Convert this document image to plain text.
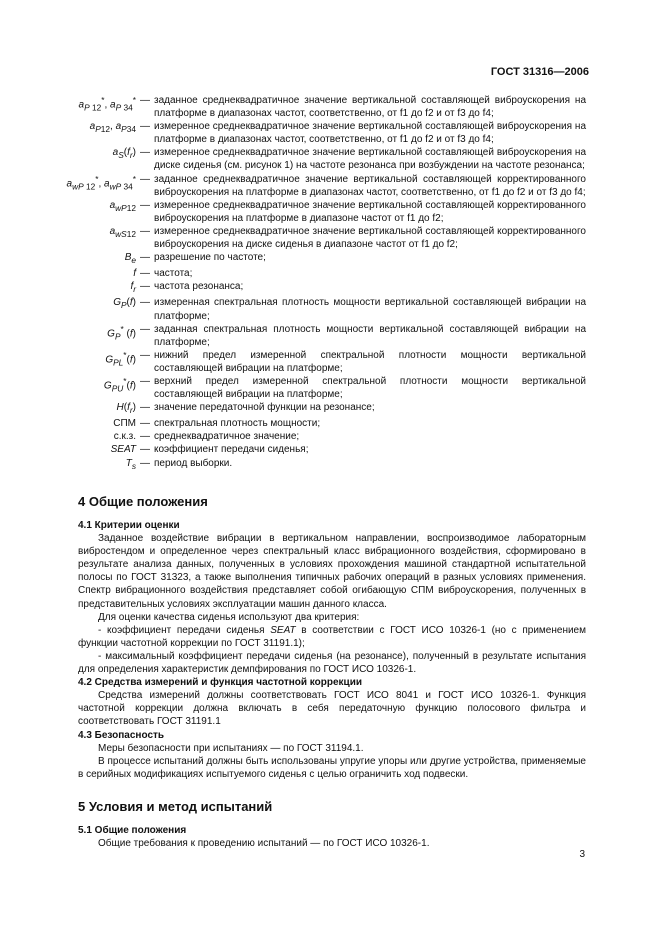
ГОСТ 31316—2006
$a_{P 12}^*$, $a_{P 34}^*$ — заданное среднеквадратичное значение вертикальной составляющей виброускорения на платформе в диапазонах частот, соответственно, от f1 до f2 и от f3 до f4;
$a_{P12}$, $a_{P34}$ — измеренное среднеквадратичное значение вертикальной составляющей виброускорения на платформе в диапазонах частот, соответственно, от f1 до f2 и от f3 до f4;
$a_S(f_r)$ — измеренное среднеквадратичное значение вертикальной составляющей виброускорения на диске сиденья (см. рисунок 1) на частоте резонанса при возбуждении на частоте резонанса;
$a_{wP 12}^*$, $a_{wP 34}^*$ — заданное среднеквадратичное значение вертикальной составляющей корректированного виброускорения на платформе в диапазонах частот, соответственно, от f1 до f2 и от f3 до f4;
$a_{wP12}$ — измеренное среднеквадратичное значение вертикальной составляющей корректированного виброускорения на платформе в диапазоне частот от f1 до f2;
$a_{wS12}$ — измеренное среднеквадратичное значение вертикальной составляющей корректированного виброускорения на диске сиденья в диапазоне частот от f1 до f2;
$B_e$ — разрешение по частоте;
f — частота;
$f_r$ — частота резонанса;
$G_P(f)$ — измеренная спектральная плотность мощности вертикальной составляющей вибрации на платформе;
$G_P^*$ (f) — заданная спектральная плотность мощности вертикальной составляющей вибрации на платформе;
$G_{PL}^*(f)$ — нижний предел измеренной спектральной плотности мощности вертикальной составляющей вибрации на платформе;
$G_{PU}^*(f)$ — верхний предел измеренной спектральной плотности мощности вертикальной составляющей вибрации на платформе;
$H(f_r)$ — значение передаточной функции на резонансе;
СПМ — спектральная плотность мощности;
с.к.з. — среднеквадратичное значение;
SEAT — коэффициент передачи сиденья;
$T_s$ — период выборки.
4 Общие положения
4.1 Критерии оценки

Заданное воздействие вибрации в вертикальном направлении, воспроизводимое лабораторным вибростендом и определенное через спектральный класс вибрационного воздействия, сформировано в результате анализа данных, полученных в условиях прохождения машиной стандартной испытательной полосы по ГОСТ 31323, а также выполнения типичных рабочих операций в разных условиях применения. Спектр вибрационного воздействия представляет собой огибающую СПМ виброускорения, полученных в представительных условиях эксплуатации машин данного класса.

Для оценки качества сиденья используют два критерия:

- коэффициент передачи сиденья SEAT в соответствии с ГОСТ ИСО 10326-1 (но с применением функции частотной коррекции по ГОСТ 31191.1);

- максимальный коэффициент передачи сиденья (на резонансе), полученный в результате испытания для определения характеристик демпфирования по ГОСТ ИСО 10326-1.

4.2 Средства измерений и функция частотной коррекции

Средства измерений должны соответствовать ГОСТ ИСО 8041 и ГОСТ ИСО 10326-1. Функция частотной коррекции должна включать в себя передаточную функцию полосового фильтра и соответствовать ГОСТ 31191.1

4.3 Безопасность

Меры безопасности при испытаниях — по ГОСТ 31194.1.

В процессе испытаний должны быть использованы упругие упоры или другие устройства, применяемые в серийных модификациях испытуемого сиденья с целью ограничить ход подвески.

5 Условия и метод испытаний
5.1 Общие положения

Общие требования к проведению испытаний — по ГОСТ ИСО 10326-1.

3
